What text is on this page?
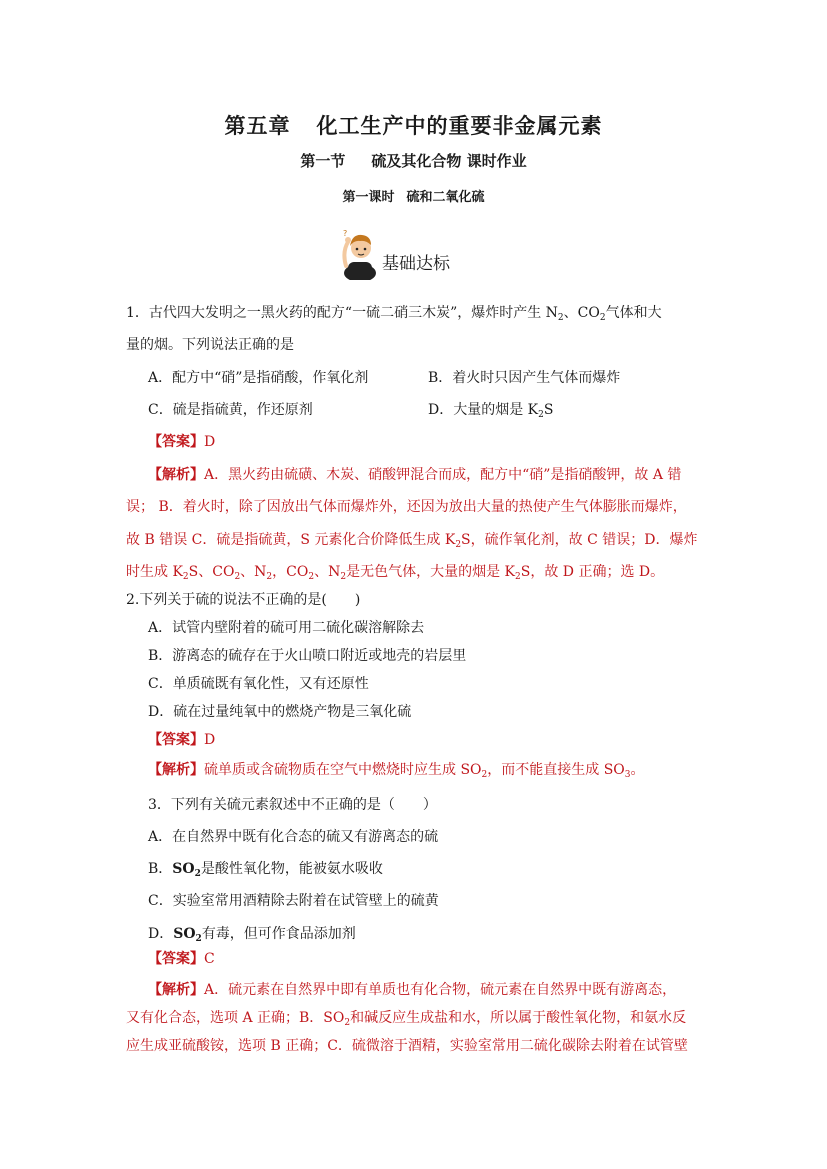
第五章 化工生产中的重要非金属元素
第一节 硫及其化合物 课时作业
第一课时 硫和二氧化硫
?
基础达标
1．古代四大发明之一黑火药的配方“一硫二硝三木炭”，爆炸时产生 $N_2$、$CO_2$气体和大
量的烟。下列说法正确的是
A．配方中“硝”是指硝酸，作氧化剂	B．着火时只因产生气体而爆炸
C．硫是指硫黄，作还原剂	D．大量的烟是 $K_2S$
【答案】D
【解析】A．黑火药由硫磺、木炭、硝酸钾混合而成，配方中“硝”是指硝酸钾，故 A 错
误； B．着火时，除了因放出气体而爆炸外，还因为放出大量的热使产生气体膨胀而爆炸，
故 B 错误 C．硫是指硫黄，S 元素化合价降低生成 $K_2S$，硫作氧化剂，故 C 错误；D．爆炸
时生成 $K_2S$、$CO_2$、$N_2$，$CO_2$、$N_2$是无色气体，大量的烟是 $K_2S$，故 D 正确；选 D。
2.下列关于硫的说法不正确的是(　　)
A．试管内壁附着的硫可用二硫化碳溶解除去
B．游离态的硫存在于火山喷口附近或地壳的岩层里
C．单质硫既有氧化性，又有还原性
D．硫在过量纯氧中的燃烧产物是三氧化硫
【答案】D
【解析】硫单质或含硫物质在空气中燃烧时应生成 $SO_2$，而不能直接生成 $SO_3$。
3．下列有关硫元素叙述中不正确的是（　　）
A．在自然界中既有化合态的硫又有游离态的硫
B．$SO_2$是酸性氧化物，能被氨水吸收
C．实验室常用酒精除去附着在试管壁上的硫黄
D．$SO_2$有毒，但可作食品添加剂
【答案】C
【解析】A．硫元素在自然界中即有单质也有化合物，硫元素在自然界中既有游离态，
又有化合态，选项 A 正确；B．$SO_2$和碱反应生成盐和水，所以属于酸性氧化物，和氨水反
应生成亚硫酸铵，选项 B 正确；C．硫微溶于酒精，实验室常用二硫化碳除去附着在试管壁
